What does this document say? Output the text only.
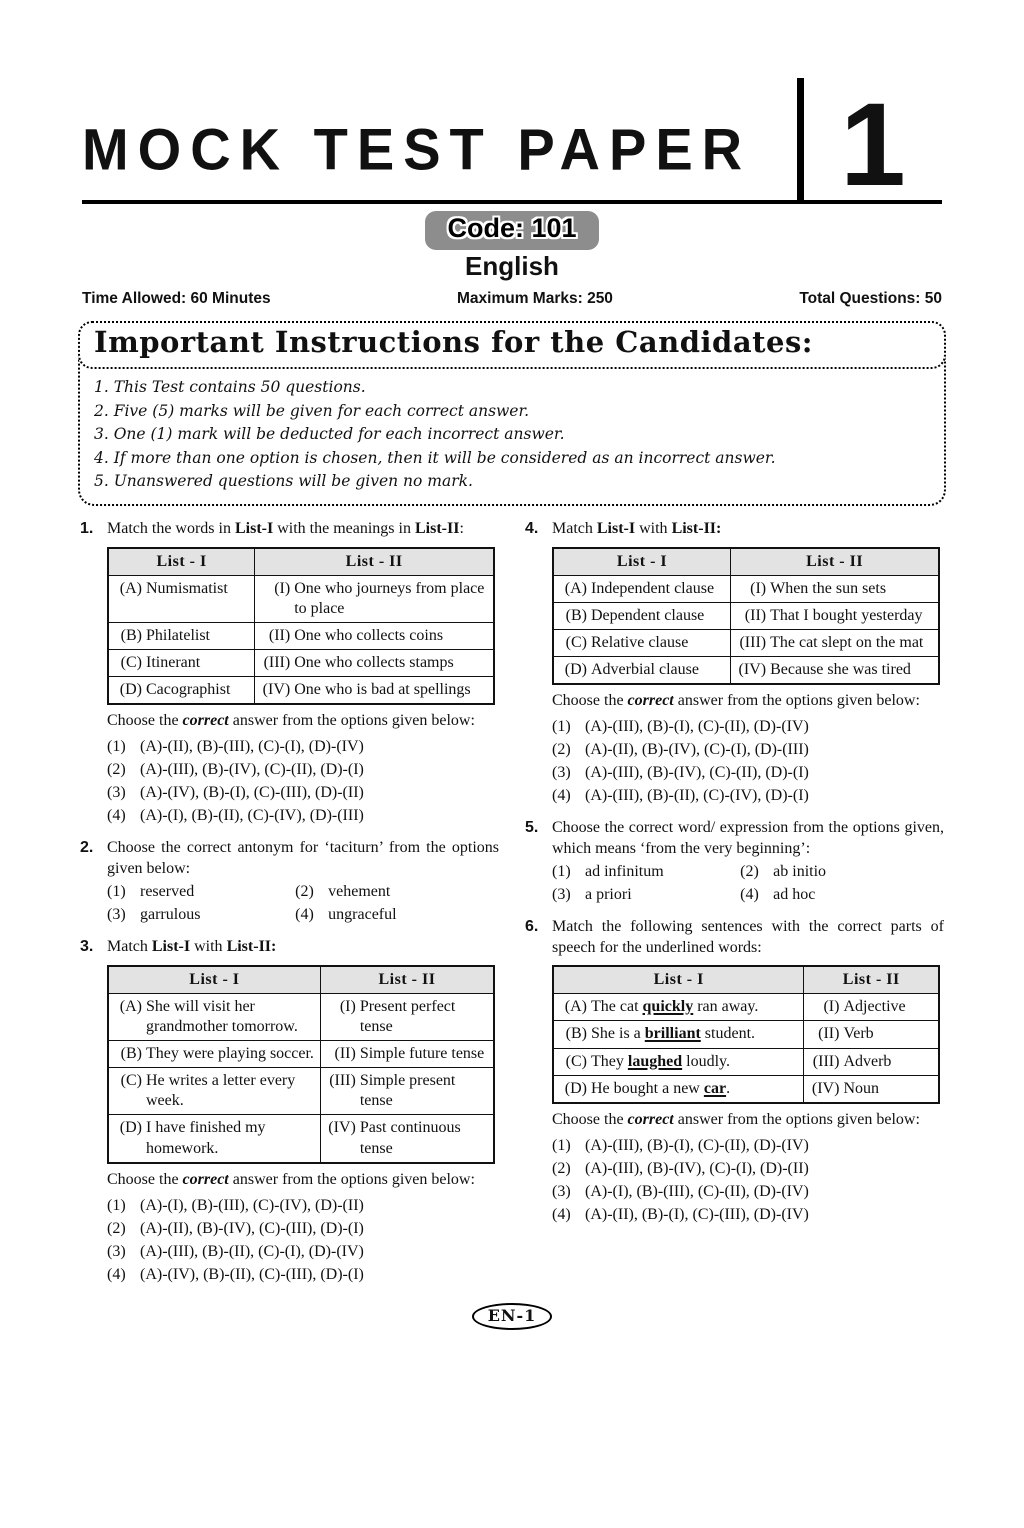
MOCK TEST PAPER 1
Code: 101
English
Time Allowed: 60 Minutes	Maximum Marks: 250	Total Questions: 50
Important Instructions for the Candidates:
1. This Test contains 50 questions.
2. Five (5) marks will be given for each correct answer.
3. One (1) mark will be deducted for each incorrect answer.
4. If more than one option is chosen, then it will be considered as an incorrect answer.
5. Unanswered questions will be given no mark.
1. Match the words in List-I with the meanings in List-II:
List - I	List - II

(A) Numismatist	(I) One who journeys from place to place

(B) Philatelist	(II) One who collects coins

(C) Itinerant	(III) One who collects stamps

(D) Cacographist	(IV) One who is bad at spellings
Choose the correct answer from the options given below:
(1) (A)-(II), (B)-(III), (C)-(I), (D)-(IV)
(2) (A)-(III), (B)-(IV), (C)-(II), (D)-(I)
(3) (A)-(IV), (B)-(I), (C)-(III), (D)-(II)
(4) (A)-(I), (B)-(II), (C)-(IV), (D)-(III)
2. Choose the correct antonym for ‘taciturn’ from the options given below:
(1) reserved	(2) vehement
(3) garrulous	(4) ungraceful
3. Match List-I with List-II:
List - I	List - II

(A) She will visit her grandmother tomorrow.	(I) Present perfect tense

(B) They were playing soccer.	(II) Simple future tense

(C) He writes a letter every week.	(III) Simple present tense

(D) I have finished my homework.	(IV) Past continuous tense
Choose the correct answer from the options given below:
(1) (A)-(I), (B)-(III), (C)-(IV), (D)-(II)
(2) (A)-(II), (B)-(IV), (C)-(III), (D)-(I)
(3) (A)-(III), (B)-(II), (C)-(I), (D)-(IV)
(4) (A)-(IV), (B)-(II), (C)-(III), (D)-(I)
4. Match List-I with List-II:
List - I	List - II

(A) Independent clause	(I) When the sun sets

(B) Dependent clause	(II) That I bought yesterday

(C) Relative clause	(III) The cat slept on the mat

(D) Adverbial clause	(IV) Because she was tired
Choose the correct answer from the options given below:
(1) (A)-(III), (B)-(I), (C)-(II), (D)-(IV)
(2) (A)-(II), (B)-(IV), (C)-(I), (D)-(III)
(3) (A)-(III), (B)-(IV), (C)-(II), (D)-(I)
(4) (A)-(III), (B)-(II), (C)-(IV), (D)-(I)
5. Choose the correct word/ expression from the options given, which means ‘from the very beginning’:
(1) ad infinitum	(2) ab initio
(3) a priori	(4) ad hoc
6. Match the following sentences with the correct parts of speech for the underlined words:
List - I	List - II

(A) The cat quickly ran away.	(I) Adjective

(B) She is a brilliant student.	(II) Verb

(C) They laughed loudly.	(III) Adverb

(D) He bought a new car.	(IV) Noun
Choose the correct answer from the options given below:
(1) (A)-(III), (B)-(I), (C)-(II), (D)-(IV)
(2) (A)-(III), (B)-(IV), (C)-(I), (D)-(II)
(3) (A)-(I), (B)-(III), (C)-(II), (D)-(IV)
(4) (A)-(II), (B)-(I), (C)-(III), (D)-(IV)
EN-1
